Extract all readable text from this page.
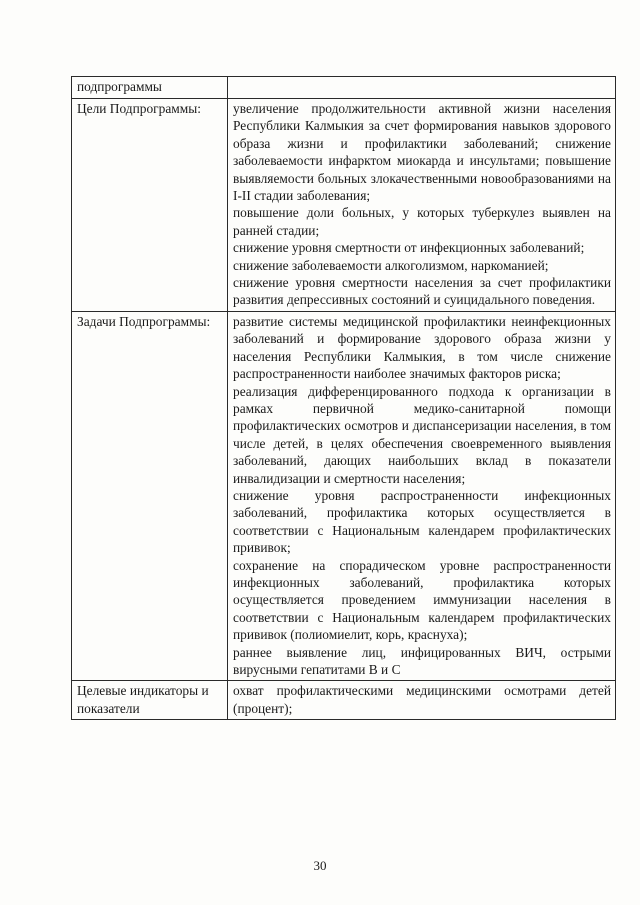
подпрограммы	
Цели Подпрограммы:	увеличение продолжительности активной жизни населения Республики Калмыкия за счет формирования навыков здорового образа жизни и профилактики заболеваний; снижение заболеваемости инфарктом миокарда и инсультами; повышение выявляемости больных злокачественными новообразованиями на I-II стадии заболевания;
повышение доли больных, у которых туберкулез выявлен на ранней стадии;
снижение уровня смертности от инфекционных заболеваний;
снижение заболеваемости алкоголизмом, наркоманией;
снижение уровня смертности населения за счет профилактики развития депрессивных состояний и суицидального поведения.

Задачи Подпрограммы:	развитие системы медицинской профилактики неинфекционных заболеваний и формирование здорового образа жизни у населения Республики Калмыкия, в том числе снижение распространенности наиболее значимых факторов риска;
реализация дифференцированного подхода к организации в рамках первичной медико-санитарной помощи профилактических осмотров и диспансеризации населения, в том числе детей, в целях обеспечения своевременного выявления заболеваний, дающих наибольших вклад в показатели инвалидизации и смертности населения;
снижение уровня распространенности инфекционных заболеваний, профилактика которых осуществляется в соответствии с Национальным календарем профилактических прививок;
сохранение на спорадическом уровне распространенности инфекционных заболеваний, профилактика которых осуществляется проведением иммунизации населения в соответствии с Национальным календарем профилактических прививок (полиомиелит, корь, краснуха);
раннее выявление лиц, инфицированных ВИЧ, острыми вирусными гепатитами В и С

Целевые индикаторы и показатели	охват профилактическими медицинскими осмотрами детей (процент);
30
